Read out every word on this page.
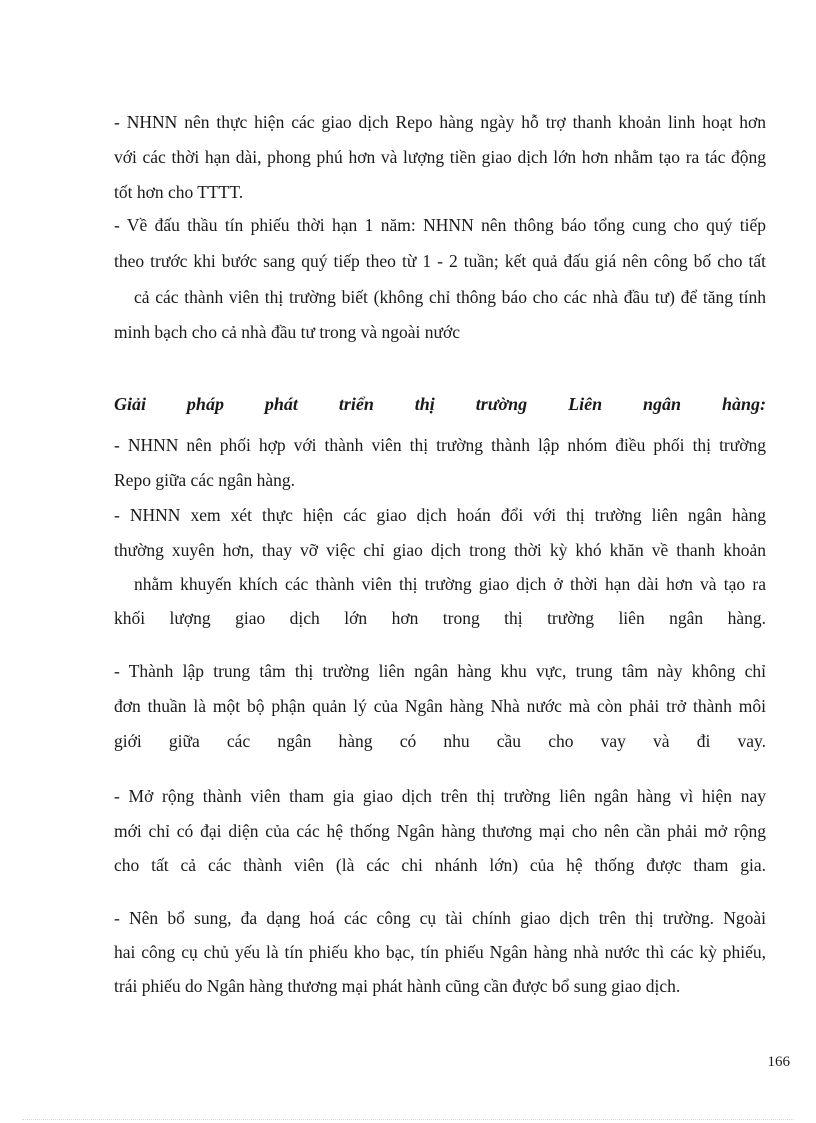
- NHNN nên thực hiện các giao dịch Repo hàng ngày hỗ trợ thanh khoản linh hoạt hơn
với các thời hạn dài, phong phú hơn và lượng tiền giao dịch lớn hơn nhằm tạo ra tác động
tốt hơn cho TTTT.
- Về đấu thầu tín phiếu thời hạn 1 năm: NHNN nên thông báo tổng cung cho quý tiếp
theo trước khi bước sang quý tiếp theo từ 1 - 2 tuần; kết quả đấu giá nên công bố cho tất
cả các thành viên thị trường biết (không chỉ thông báo cho các nhà đầu tư) để tăng tính
minh bạch cho cả nhà đầu tư trong và ngoài nước
Giải pháp phát triển thị trường Liên ngân hàng:
- NHNN nên phối hợp với thành viên thị trường thành lập nhóm điều phối thị trường
Repo giữa các ngân hàng.
- NHNN xem xét thực hiện các giao dịch hoán đổi với thị trường liên ngân hàng
thường xuyên hơn, thay vỡ việc chỉ giao dịch trong thời kỳ khó khăn về thanh khoản
nhằm khuyến khích các thành viên thị trường giao dịch ở thời hạn dài hơn và tạo ra
khối lượng giao dịch lớn hơn trong thị trường liên ngân hàng.
- Thành lập trung tâm thị trường liên ngân hàng khu vực, trung tâm này không chỉ
đơn thuần là một bộ phận quản lý của Ngân hàng Nhà nước mà còn phải trở thành môi
giới giữa các ngân hàng có nhu cầu cho vay và đi vay.
- Mở rộng thành viên tham gia giao dịch trên thị trường liên ngân hàng vì hiện nay
mới chỉ có đại diện của các hệ thống Ngân hàng thương mại cho nên cần phải mở rộng
cho tất cả các thành viên (là các chi nhánh lớn) của hệ thống được tham gia.
- Nên bổ sung, đa dạng hoá các công cụ tài chính giao dịch trên thị trường. Ngoài
hai công cụ chủ yếu là tín phiếu kho bạc, tín phiếu Ngân hàng nhà nước thì các kỳ phiếu,
trái phiếu do Ngân hàng thương mại phát hành cũng cần được bổ sung giao dịch.
166
